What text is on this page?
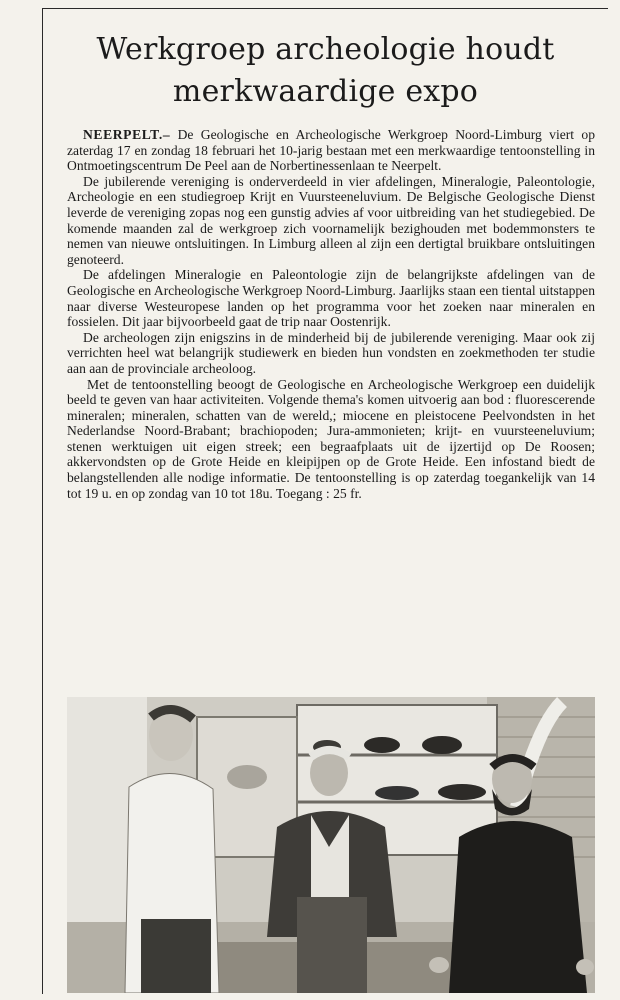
Werkgroep archeologie houdt
merkwaardige expo

NEERPELT.– De Geologische en Archeologische Werkgroep Noord-Limburg viert op zaterdag 17 en zondag 18 februari het 10-jarig bestaan met een merkwaardige tentoonstelling in Ontmoetingscentrum De Peel aan de Norbertinessenlaan te Neerpelt.

De jubilerende vereniging is onderverdeeld in vier afdelingen, Mineralogie, Paleontologie, Archeologie en een studiegroep Krijt en Vuursteeneluvium. De Belgische Geologische Dienst leverde de vereniging zopas nog een gunstig advies af voor uitbreiding van het studiegebied. De komende maanden zal de werkgroep zich voornamelijk bezighouden met bodemmonsters te nemen van nieuwe ontsluitingen. In Limburg alleen al zijn een dertigtal bruikbare ontsluitingen genoteerd.

De afdelingen Mineralogie en Paleontologie zijn de belangrijkste afdelingen van de Geologische en Archeologische Werkgroep Noord-Limburg. Jaarlijks staan een tiental uitstappen naar diverse Westeuropese landen op het programma voor het zoeken naar mineralen en fossielen. Dit jaar bijvoorbeeld gaat de trip naar Oostenrijk.

De archeologen zijn enigszins in de minderheid bij de jubilerende vereniging. Maar ook zij verrichten heel wat belangrijk studiewerk en bieden hun vondsten en zoekmethoden ter studie aan aan de provinciale archeoloog.

Met de tentoonstelling beoogt de Geologische en Archeologische Werkgroep een duidelijk beeld te geven van haar activiteiten. Volgende thema's komen uitvoerig aan bod : fluorescerende mineralen; mineralen, schatten van de wereld,; miocene en pleistocene Peelvondsten in het Nederlandse Noord-Brabant; brachiopoden; Jura-ammonieten; krijt- en vuursteeneluvium; stenen werktuigen uit eigen streek; een begraafplaats uit de ijzertijd op De Roosen; akkervondsten op de Grote Heide en kleipijpen op de Grote Heide. Een infostand biedt de belangstellenden alle nodige informatie. De tentoonstelling is op zaterdag toegankelijk van 14 tot 19 u. en op zondag van 10 tot 18u. Toegang : 25 fr.
